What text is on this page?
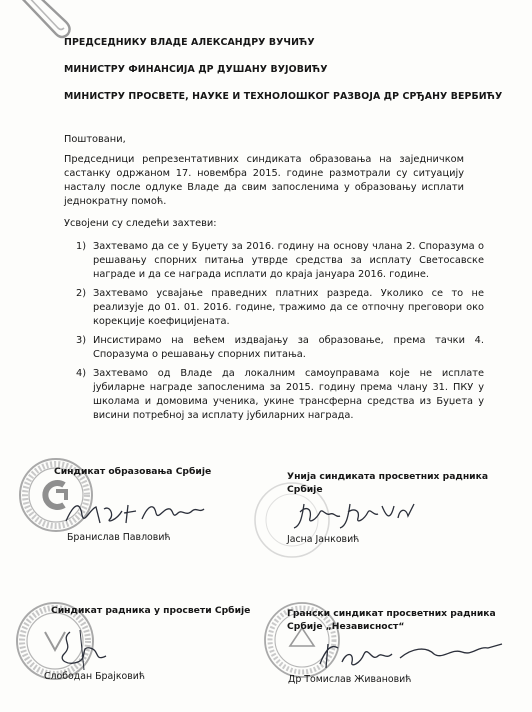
ПРЕДСЕДНИКУ ВЛАДЕ АЛЕКСАНДРУ ВУЧИЋУ
МИНИСТРУ ФИНАНСИЈА ДР ДУШАНУ ВУЈОВИЋУ
МИНИСТРУ ПРОСВЕТЕ, НАУКЕ И ТЕХНОЛОШКОГ РАЗВОЈА ДР СРЂАНУ ВЕРБИЋУ
Поштовани,
Председници репрезентативних синдиката образовања на заједничком састанку одржаном 17. новембра 2015. године размотрали су ситуацију насталу после одлуке Владе да свим запосленима у образовању исплати једнократну помоћ.
Усвојени су следећи захтеви:
1) Захтевамо да се у Буџету за 2016. годину на основу члана 2. Споразума о решавању спорних питања утврде средства за исплату Светосавске награде и да се награда исплати до краја јануара 2016. године.
2) Захтевамо усвајање праведних платних разреда. Уколико се то не реализује до 01. 01. 2016. године, тражимо да се отпочну преговори око корекције коефицијената.
3) Инсистирамо на већем издвајању за образовање, према тачки 4. Споразума о решавању спорних питања.
4) Захтевамо од Владе да локалним самоуправама које не исплате јубиларне награде запосленима за 2015. годину према члану 31. ПКУ у школама и домовима ученика, укине трансферна средства из Буџета у висини потребној за исплату јубиларних награда.
Синдикат образовања Србије
Бранислав Павловић
Унија синдиката просветних радника Србије
Јасна Јанковић
Синдикат радника у просвети Србије
Слободан Брајковић
Грански синдикат просветних радника Србије „Независност“
Др Томислав Живановић
